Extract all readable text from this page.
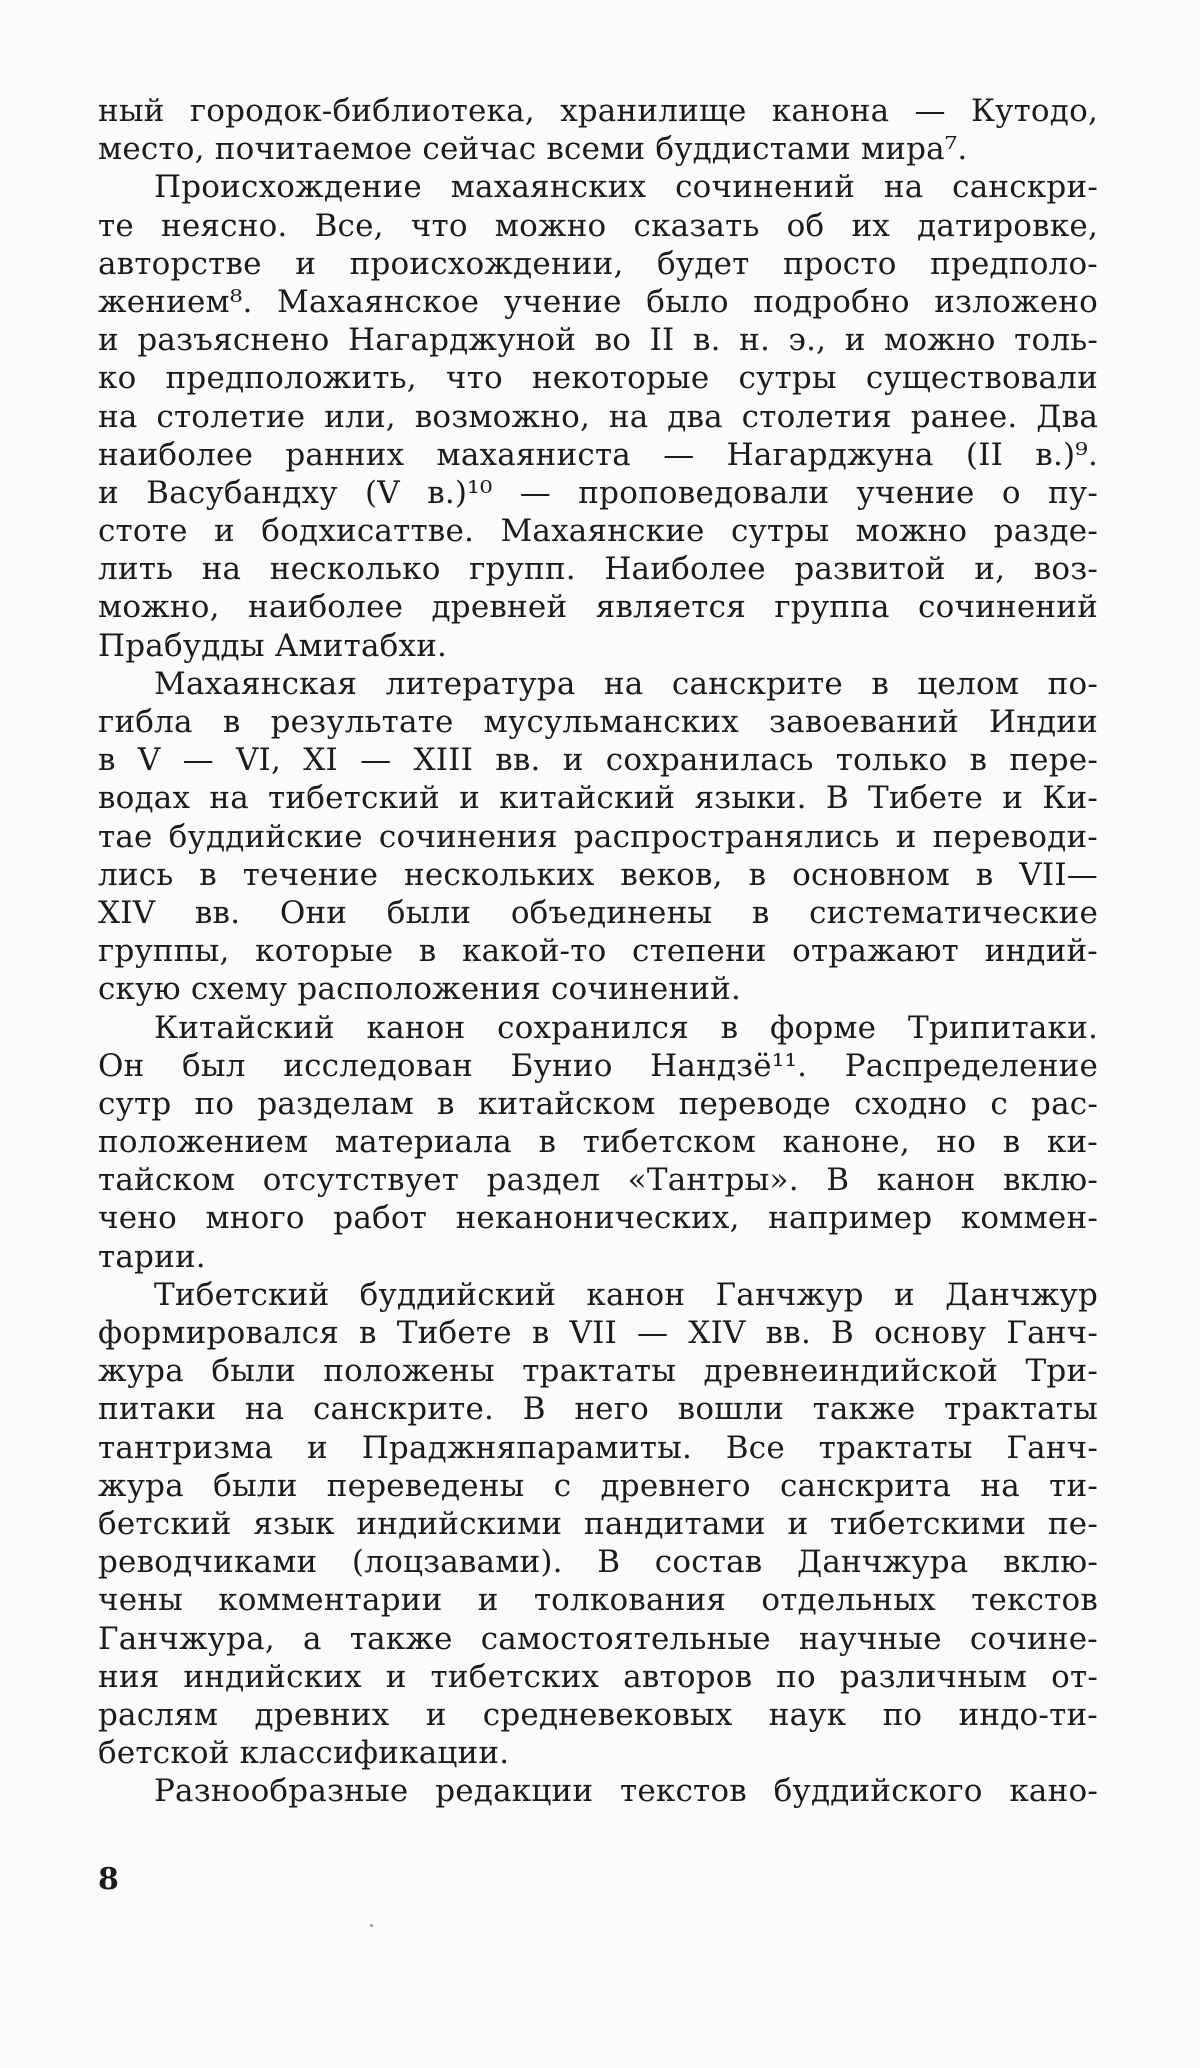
ный городок-библиотека, хранилище канона — Кутодо,
место, почитаемое сейчас всеми буддистами мира⁷.
Происхождение махаянских сочинений на санскри-
те неясно. Все, что можно сказать об их датировке,
авторстве и происхождении, будет просто предполо-
жением⁸. Махаянское учение было подробно изложено
и разъяснено Нагарджуной во II в. н. э., и можно толь-
ко предположить, что некоторые сутры существовали
на столетие или, возможно, на два столетия ранее. Два
наиболее ранних махаяниста — Нагарджуна (II в.)⁹.
и Васубандху (V в.)¹⁰ — проповедовали учение о пу-
стоте и бодхисаттве. Махаянские сутры можно разде-
лить на несколько групп. Наиболее развитой и, воз-
можно, наиболее древней является группа сочинений
Прабудды Амитабхи.
Махаянская литература на санскрите в целом по-
гибла в результате мусульманских завоеваний Индии
в V — VI, XI — XIII вв. и сохранилась только в пере-
водах на тибетский и китайский языки. В Тибете и Ки-
тае буддийские сочинения распространялись и переводи-
лись в течение нескольких веков, в основном в VII—
XIV вв. Они были объединены в систематические
группы, которые в какой-то степени отражают индий-
скую схему расположения сочинений.
Китайский канон сохранился в форме Трипитаки.
Он был исследован Бунио Нандзё¹¹. Распределение
сутр по разделам в китайском переводе сходно с рас-
положением материала в тибетском каноне, но в ки-
тайском отсутствует раздел «Тантры». В канон вклю-
чено много работ неканонических, например коммен-
тарии.
Тибетский буддийский канон Ганчжур и Данчжур
формировался в Тибете в VII — XIV вв. В основу Ганч-
жура были положены трактаты древнеиндийской Три-
питаки на санскрите. В него вошли также трактаты
тантризма и Праджняпарамиты. Все трактаты Ганч-
жура были переведены с древнего санскрита на ти-
бетский язык индийскими пандитами и тибетскими пе-
реводчиками (лоцзавами). В состав Данчжура вклю-
чены комментарии и толкования отдельных текстов
Ганчжура, а также самостоятельные научные сочине-
ния индийских и тибетских авторов по различным от-
раслям древних и средневековых наук по индо-ти-
бетской классификации.
Разнообразные редакции текстов буддийского кано-
8
